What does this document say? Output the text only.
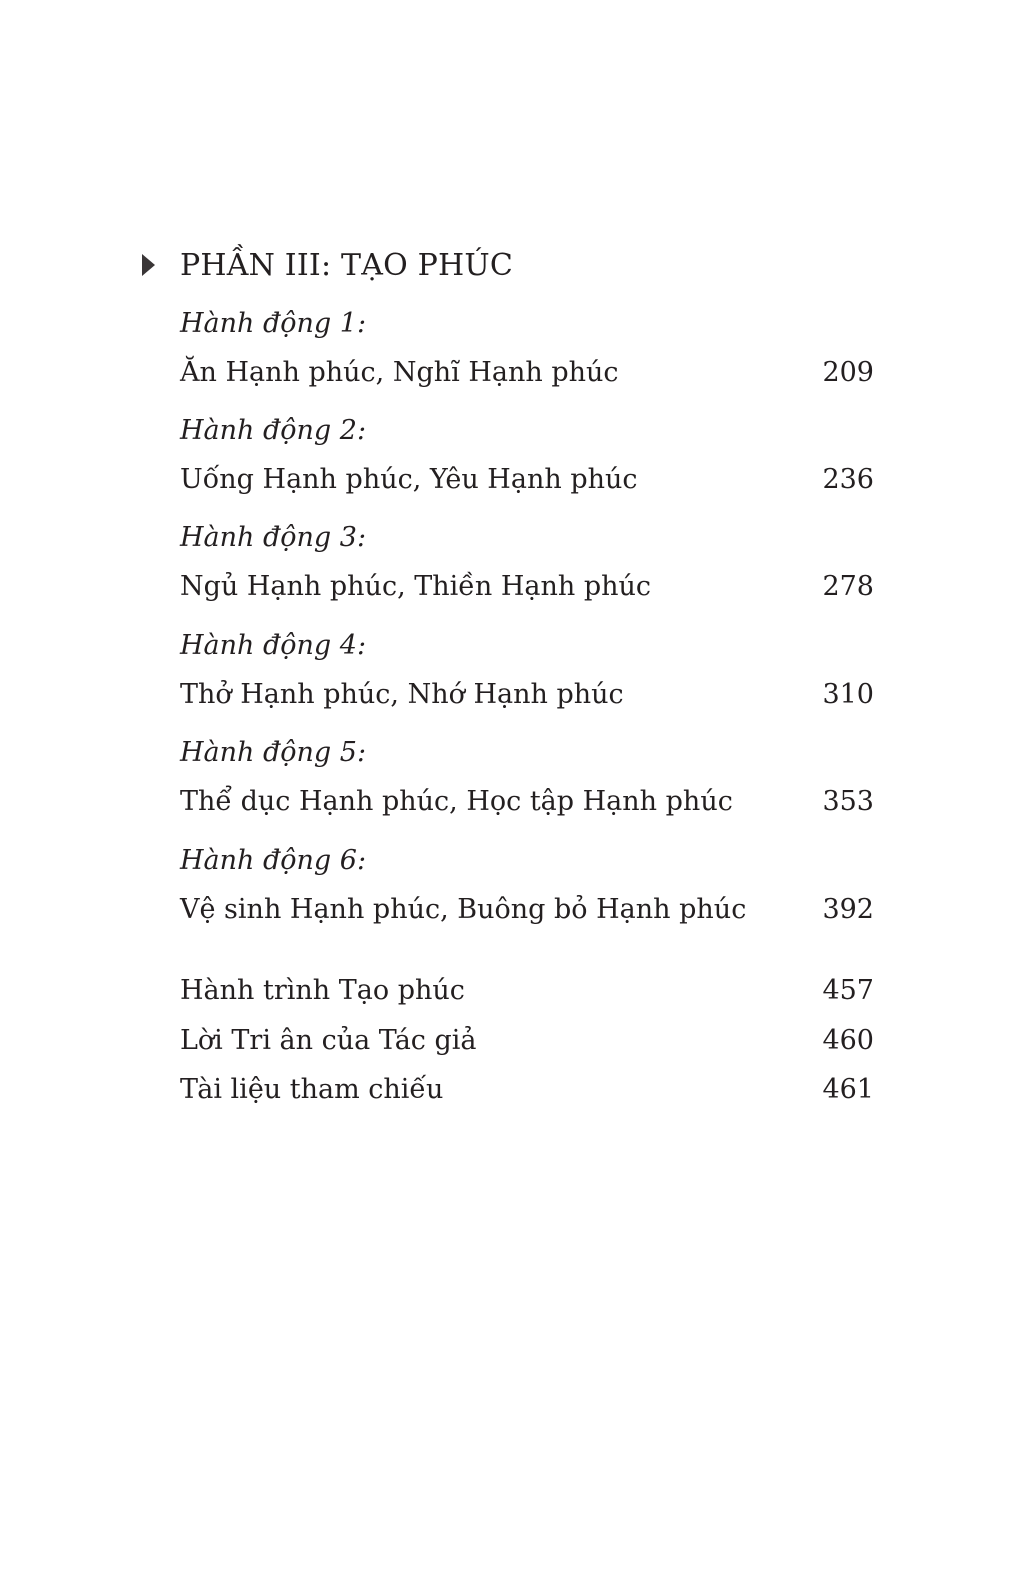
PHẦN III: TẠO PHÚC
Hành động 1:
Ăn Hạnh phúc, Nghĩ Hạnh phúc	209
Hành động 2:
Uống Hạnh phúc, Yêu Hạnh phúc	236
Hành động 3:
Ngủ Hạnh phúc, Thiền Hạnh phúc	278
Hành động 4:
Thở Hạnh phúc, Nhớ Hạnh phúc	310
Hành động 5:
Thể dục Hạnh phúc, Học tập Hạnh phúc	353
Hành động 6:
Vệ sinh Hạnh phúc, Buông bỏ Hạnh phúc	392
Hành trình Tạo phúc	457
Lời Tri ân của Tác giả	460
Tài liệu tham chiếu	461
